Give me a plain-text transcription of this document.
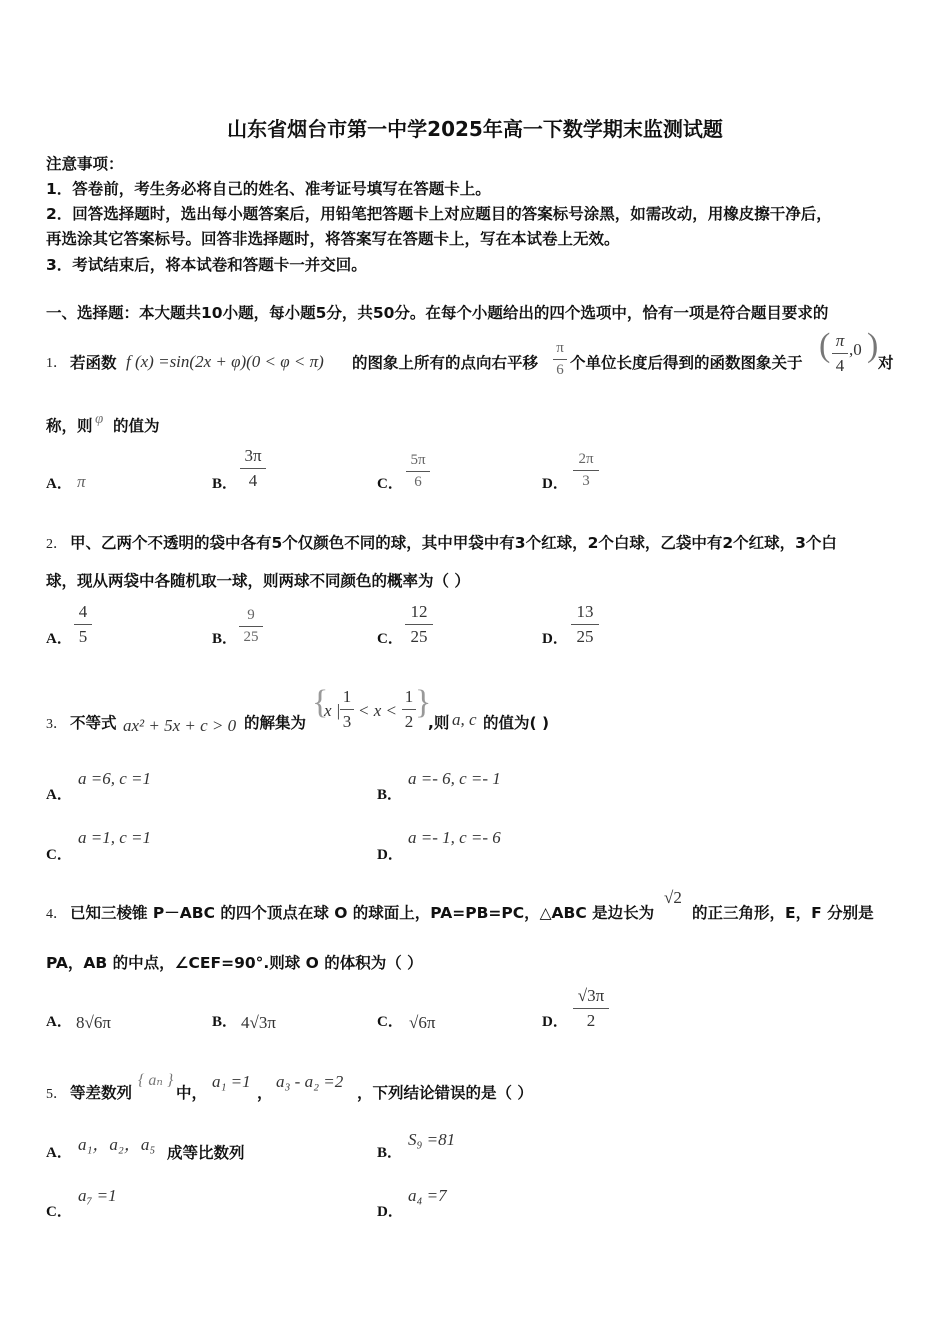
山东省烟台市第一中学2025年高一下数学期末监测试题
注意事项：
1．答卷前，考生务必将自己的姓名、准考证号填写在答题卡上。
2．回答选择题时，选出每小题答案后，用铅笔把答题卡上对应题目的答案标号涂黑，如需改动，用橡皮擦干净后，
再选涂其它答案标号。回答非选择题时，将答案写在答题卡上，写在本试卷上无效。
3．考试结束后，将本试卷和答题卡一并交回。
一、选择题：本大题共10小题，每小题5分，共50分。在每个小题给出的四个选项中，恰有一项是符合题目要求的
1． 若函数 f (x) =sin(2x + φ)(0 < φ < π) 的图象上所有的点向右平移
π
6 个单位长度后得到的函数图象关于 ( π
4
,0 ) 对
称，则 φ 的值为
A． π	B．
3π
4	C．
5π
6	D．
2π
3
2． 甲、乙两个不透明的袋中各有5个仅颜色不同的球，其中甲袋中有3个红球，2个白球，乙袋中有2个红球，3个白
球，现从两袋中各随机取一球，则两球不同颜色的概率为（ ）
A．
4
5	B．
9
25	C．
12
25	D．
13
25
3． 不等式 ax² + 5x + c > 0 的解集为
{
x |
1
3
< x <
1
2
}
,则 a, c 的值为( )
A．
a =6, c =1
B．
a =- 6, c =- 1
C．
a =1, c =1
D．
a =- 1, c =- 6
4． 已知三棱锥 P－ABC 的四个顶点在球 O 的球面上，PA=PB=PC，△ABC 是边长为
√2
的正三角形，E，F 分别是
PA，AB 的中点，∠CEF=90°.则球 O 的体积为（ ）
A． 8√6π	B． 4√3π	C． √6π	D．
√3π
2
5． 等差数列
{ aₙ }
中，
a₁ =1
，
a₃ - a₂ =2
，下列结论错误的是（ ）
A． a₁，a₂，a₅ 成等比数列	B．
S₉ =81
C．
a₇ =1
D．
a₄ =7
